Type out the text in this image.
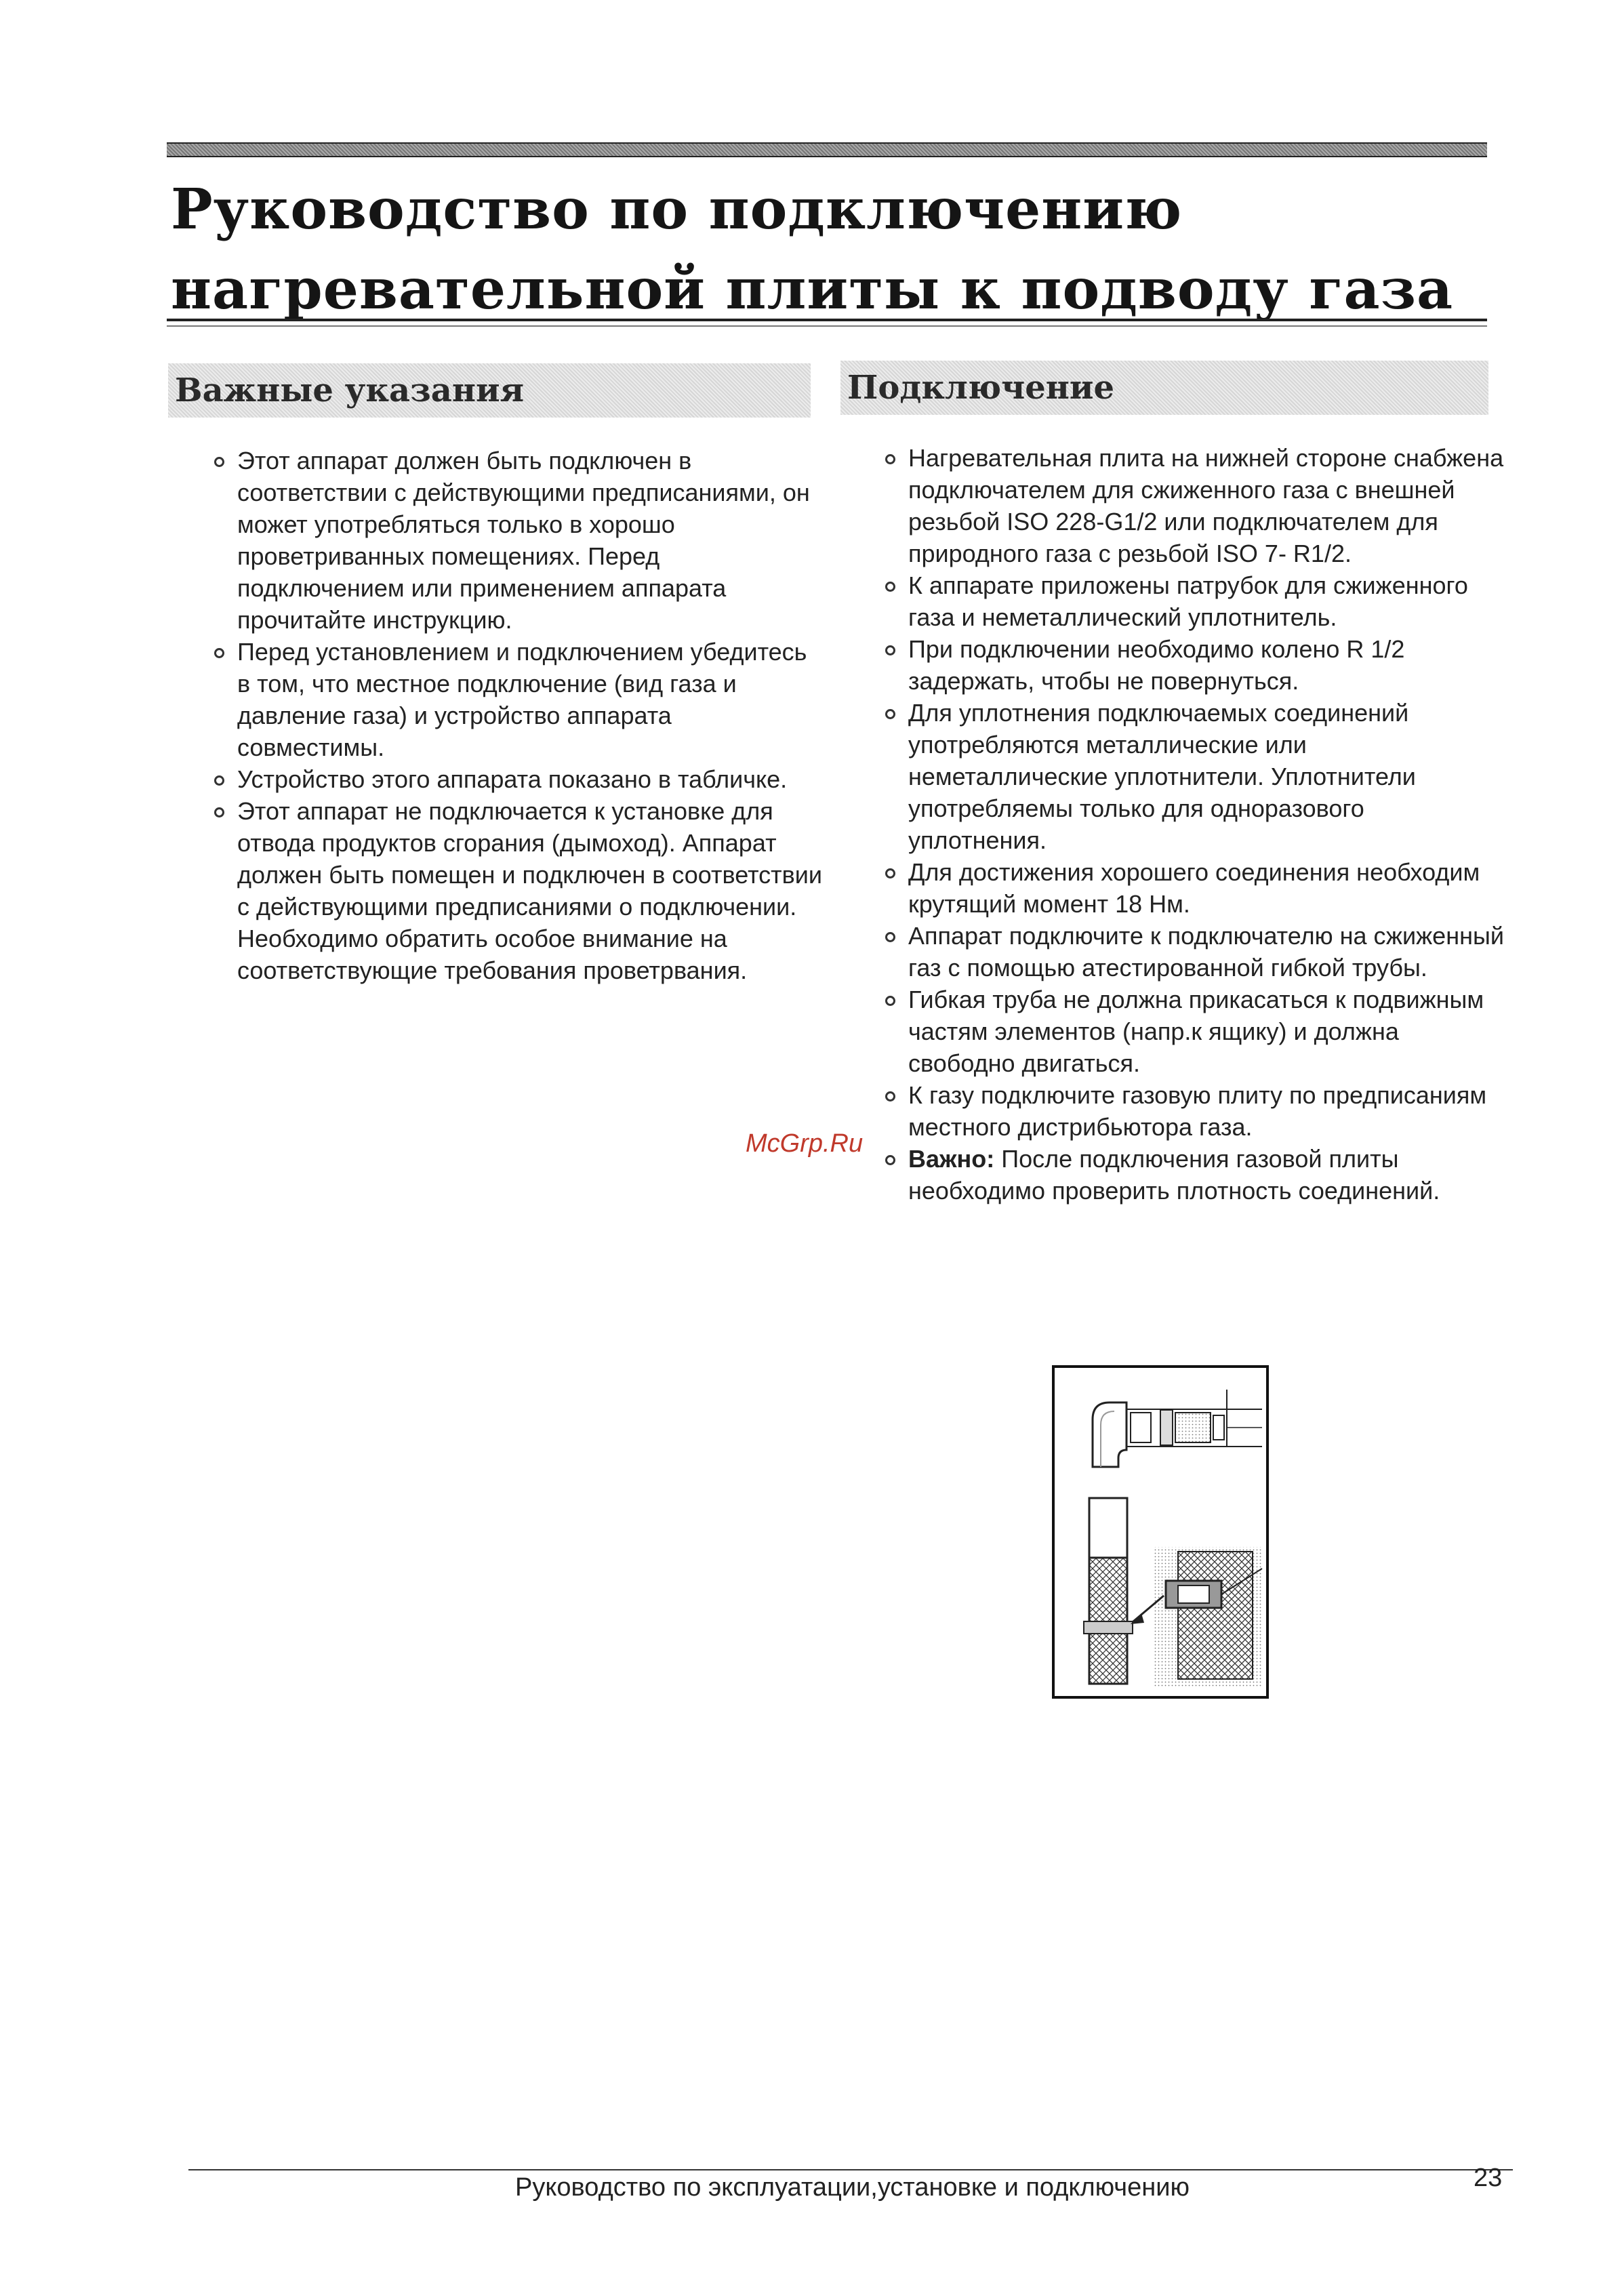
Руководство по подключению
нагревательной плиты к подводу газа
Важные указания	Подключение
Этот аппарат должен быть подключен в соответствии с действующими предписаниями, он может употребляться только в хорошо проветриванных помещениях. Перед подключением или применением аппарата прочитайте инструкцию.
Перед установлением и подключением убедитесь в том, что местное подключение (вид газа и давление газа) и устройство аппарата совместимы.
Устройство этого аппарата показано в табличке.
Этот аппарат не подключается к установке для отвода продуктов сгорания (дымоход). Аппарат должен быть помещен и подключен в соответствии с действующими предписаниями о подключении. Необходимо обратить особое внимание на соответствующие требования проветрвания.
Нагревательная плита на нижней стороне снабжена подключателем для сжиженного газа с внешней резьбой ISO 228-G1/2 или подключателем для природного газа с резьбой ISO 7- R1/2.
К аппарате приложены патрубок для сжиженного газа и неметаллический уплотнитель.
При подключении необходимо колено R 1/2 задержать, чтобы не повернуться.
Для уплотнения подключаемых соединений употребляются металлические или неметаллические уплотнители. Уплотнители употребляемы только для одноразового уплотнения.
Для достижения хорошего соединения необходим крутящий момент 18 Нм.
Аппарат подключите к подключателю на сжиженный газ с помощью атестированной гибкой трубы.
Гибкая труба не должна прикасаться к подвижным частям элементов (напр.к ящику) и должна свободно двигаться.
К газу подключите газовую плиту по предписаниям местного дистрибьютора газа.
Важно: После подключения газовой плиты необходимо проверить плотность соединений.
McGrp.Ru
Руководство по эксплуатации,установке и подключению	23
